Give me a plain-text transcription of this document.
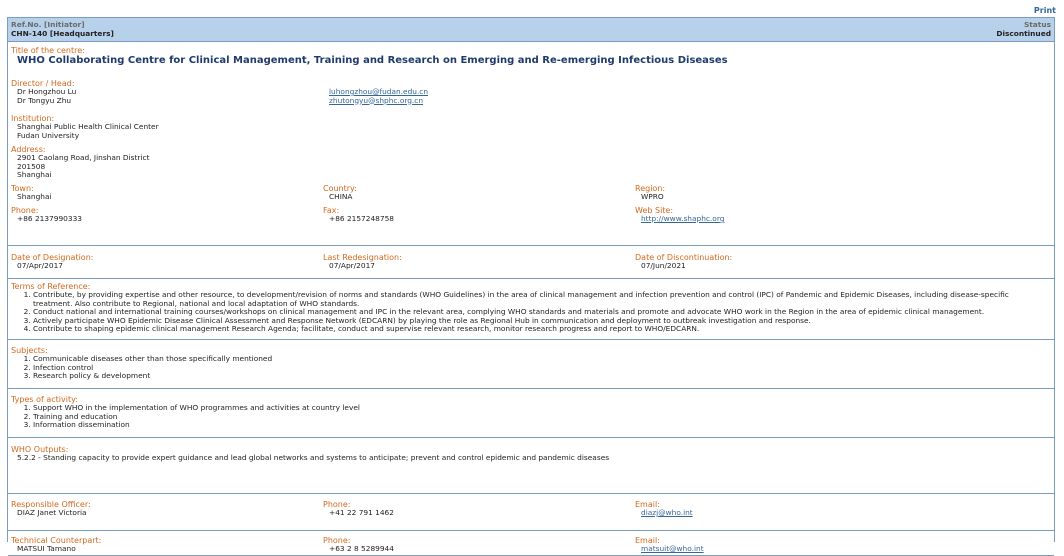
Print
Ref.No. [Initiator]
CHN-140 [Headquarters]
Status
Discontinued
Title of the centre:
WHO Collaborating Centre for Clinical Management, Training and Research on Emerging and Re-emerging Infectious Diseases
Director / Head:
Dr Hongzhou Lu
Dr Tongyu Zhu
luhongzhou@fudan.edu.cn
zhutongyu@shphc.org.cn
Institution:
Shanghai Public Health Clinical Center
Fudan University
Address:
2901 Caolang Road, Jinshan District
201508
Shanghai
Town:
Shanghai
Country:
CHINA
Region:
WPRO
Phone:
+86 2137990333
Fax:
+86 2157248758
Web Site:
http://www.shaphc.org
Date of Designation:
07/Apr/2017
Last Redesignation:
07/Apr/2017
Date of Discontinuation:
07/Jun/2021
Terms of Reference:
1. Contribute, by providing expertise and other resource, to development/revision of norms and standards (WHO Guidelines) in the area of clinical management and infection prevention and control (IPC) of Pandemic and Epidemic Diseases, including disease-specific treatment. Also contribute to Regional, national and local adaptation of WHO standards.
2. Conduct national and international training courses/workshops on clinical management and IPC in the relevant area, complying WHO standards and materials and promote and advocate WHO work in the Region in the area of epidemic clinical management.
3. Actively participate WHO Epidemic Disease Clinical Assessment and Response Network (EDCARN) by playing the role as Regional Hub in communication and deployment to outbreak investigation and response.
4. Contribute to shaping epidemic clinical management Research Agenda; facilitate, conduct and supervise relevant research, monitor research progress and report to WHO/EDCARN.
Subjects:
1. Communicable diseases other than those specifically mentioned
2. Infection control
3. Research policy & development
Types of activity:
1. Support WHO in the implementation of WHO programmes and activities at country level
2. Training and education
3. Information dissemination
WHO Outputs:
5.2.2 - Standing capacity to provide expert guidance and lead global networks and systems to anticipate; prevent and control epidemic and pandemic diseases
Responsible Officer:
DIAZ Janet Victoria
Phone:
+41 22 791 1462
Email:
diazj@who.int
Technical Counterpart:
MATSUI Tamano
Phone:
+63 2 8 5289944
Email:
matsuit@who.int
